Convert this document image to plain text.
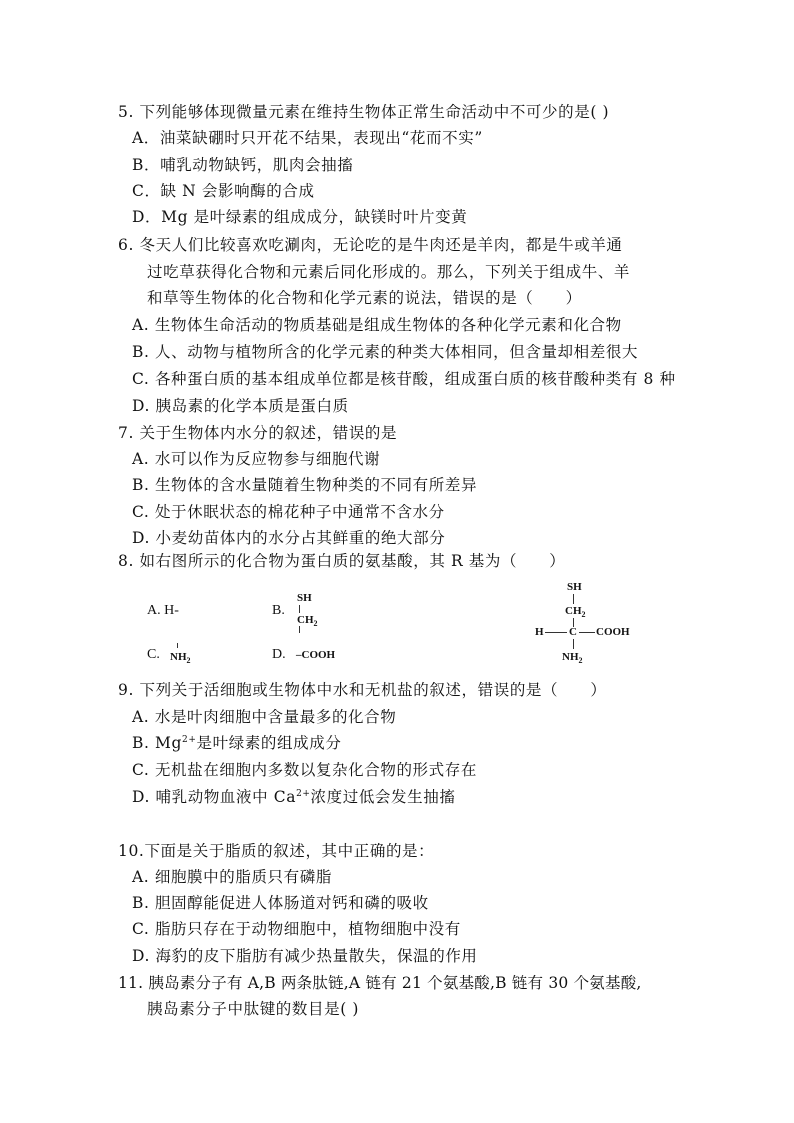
5. 下列能够体现微量元素在维持生物体正常生命活动中不可少的是( )
A．油菜缺硼时只开花不结果，表现出“花而不实”
B．哺乳动物缺钙，肌肉会抽搐
C．缺 N 会影响酶的合成
D．Mg 是叶绿素的组成成分，缺镁时叶片变黄
6. 冬天人们比较喜欢吃涮肉，无论吃的是牛肉还是羊肉，都是牛或羊通
过吃草获得化合物和元素后同化形成的。那么，下列关于组成牛、羊
和草等生物体的化合物和化学元素的说法，错误的是（　　）
A. 生物体生命活动的物质基础是组成生物体的各种化学元素和化合物
B. 人、动物与植物所含的化学元素的种类大体相同，但含量却相差很大
C. 各种蛋白质的基本组成单位都是核苷酸，组成蛋白质的核苷酸种类有 8 种
D. 胰岛素的化学本质是蛋白质
7. 关于生物体内水分的叙述，错误的是
A. 水可以作为反应物参与细胞代谢
B. 生物体的含水量随着生物种类的不同有所差异
C. 处于休眠状态的棉花种子中通常不含水分
D. 小麦幼苗体内的水分占其鲜重的绝大部分
8. 如右图所示的化合物为蛋白质的氨基酸，其 R 基为（　　）
A. H-	B.
SH
$CH_2$
C. $NH_2$	D. –COOH
SH
$CH_2$
H C COOH
$NH_2$
9. 下列关于活细胞或生物体中水和无机盐的叙述，错误的是（　　）
A. 水是叶肉细胞中含量最多的化合物
B. $Mg^{2+}$是叶绿素的组成成分
C. 无机盐在细胞内多数以复杂化合物的形式存在
D. 哺乳动物血液中 $Ca^{2+}$浓度过低会发生抽搐
10.下面是关于脂质的叙述，其中正确的是：
A. 细胞膜中的脂质只有磷脂
B. 胆固醇能促进人体肠道对钙和磷的吸收
C. 脂肪只存在于动物细胞中，植物细胞中没有
D. 海豹的皮下脂肪有减少热量散失，保温的作用
11. 胰岛素分子有 A,B 两条肽链,A 链有 21 个氨基酸,B 链有 30 个氨基酸,
胰岛素分子中肽键的数目是( )
